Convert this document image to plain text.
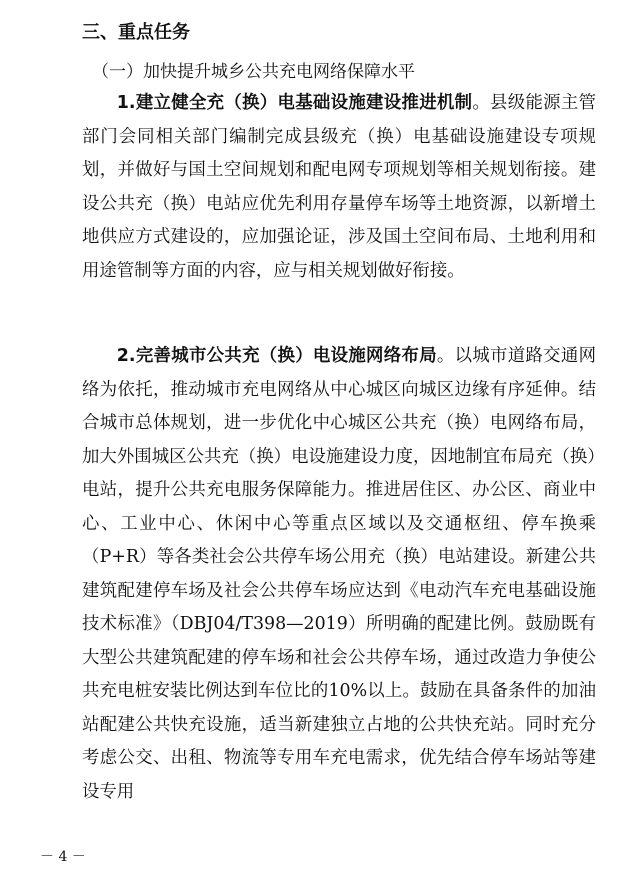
三、重点任务
（一）加快提升城乡公共充电网络保障水平

1.建立健全充（换）电基础设施建设推进机制。县级能源主管部门会同相关部门编制完成县级充（换）电基础设施建设专项规划，并做好与国土空间规划和配电网专项规划等相关规划衔接。建设公共充（换）电站应优先利用存量停车场等土地资源，以新增土地供应方式建设的，应加强论证，涉及国土空间布局、土地利用和用途管制等方面的内容，应与相关规划做好衔接。

2.完善城市公共充（换）电设施网络布局。以城市道路交通网络为依托，推动城市充电网络从中心城区向城区边缘有序延伸。结合城市总体规划，进一步优化中心城区公共充（换）电网络布局，加大外围城区公共充（换）电设施建设力度，因地制宜布局充（换）电站，提升公共充电服务保障能力。推进居住区、办公区、商业中心、工业中心、休闲中心等重点区域以及交通枢纽、停车换乘（P+R）等各类社会公共停车场公用充（换）电站建设。新建公共建筑配建停车场及社会公共停车场应达到《电动汽车充电基础设施技术标准》（DBJ04/T398—2019）所明确的配建比例。鼓励既有大型公共建筑配建的停车场和社会公共停车场，通过改造力争使公共充电桩安装比例达到车位比的10%以上。鼓励在具备条件的加油站配建公共快充设施，适当新建独立占地的公共快充站。同时充分考虑公交、出租、物流等专用车充电需求，优先结合停车场站等建设专用

－ 4 －
